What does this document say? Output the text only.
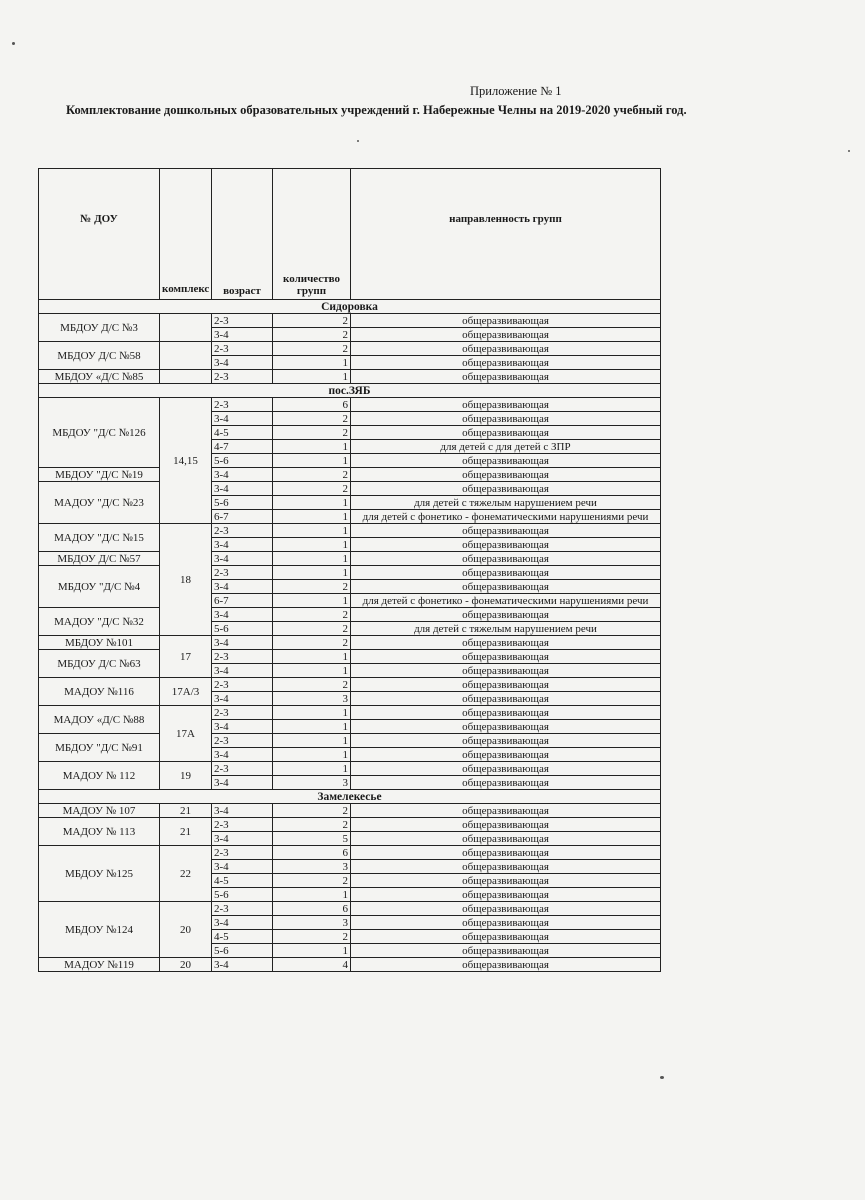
Приложение № 1
Комплектование дошкольных образовательных учреждений г. Набережные Челны на 2019-2020 учебный год.
№ ДОУ	комплекс	возраст	количество групп	направленность групп
Сидоровка				
МБДОУ Д/С №3		2-3	2	общеразвивающая
		3-4	2	общеразвивающая
МБДОУ Д/С №58		2-3	2	общеразвивающая
		3-4	1	общеразвивающая
МБДОУ «Д/С №85		2-3	1	общеразвивающая
пос.ЗЯБ				
МБДОУ "Д/С №126	14,15	2-3	6	общеразвивающая
		3-4	2	общеразвивающая
		4-5	2	общеразвивающая
		4-7	1	для детей с для детей с ЗПР
		5-6	1	общеразвивающая
МБДОУ "Д/С №19		3-4	2	общеразвивающая
МАДОУ "Д/С №23		3-4	2	общеразвивающая
		5-6	1	для детей с тяжелым нарушением речи
		6-7	1	для детей с фонетико - фонематическими нарушениями речи
МАДОУ "Д/С №15	18	2-3	1	общеразвивающая
		3-4	1	общеразвивающая
МБДОУ Д/С №57		3-4	1	общеразвивающая
МБДОУ "Д/С №4		2-3	1	общеразвивающая
		3-4	2	общеразвивающая
		6-7	1	для детей с фонетико - фонематическими нарушениями речи
МАДОУ "Д/С №32		3-4	2	общеразвивающая
		5-6	2	для детей с тяжелым нарушением речи
МБДОУ №101	17	3-4	2	общеразвивающая
МБДОУ Д/С №63		2-3	1	общеразвивающая
		3-4	1	общеразвивающая
МАДОУ №116	17А/3	2-3	2	общеразвивающая
		3-4	3	общеразвивающая
МАДОУ «Д/С №88	17А	2-3	1	общеразвивающая
		3-4	1	общеразвивающая
МБДОУ "Д/С №91		2-3	1	общеразвивающая
		3-4	1	общеразвивающая
МАДОУ № 112	19	2-3	1	общеразвивающая
		3-4	3	общеразвивающая
Замелекесье				
МАДОУ № 107	21	3-4	2	общеразвивающая
МАДОУ № 113	21	2-3	2	общеразвивающая
		3-4	5	общеразвивающая
МБДОУ №125	22	2-3	6	общеразвивающая
		3-4	3	общеразвивающая
		4-5	2	общеразвивающая
		5-6	1	общеразвивающая
МБДОУ №124	20	2-3	6	общеразвивающая
		3-4	3	общеразвивающая
		4-5	2	общеразвивающая
		5-6	1	общеразвивающая
МАДОУ №119	20	3-4	4	общеразвивающая
